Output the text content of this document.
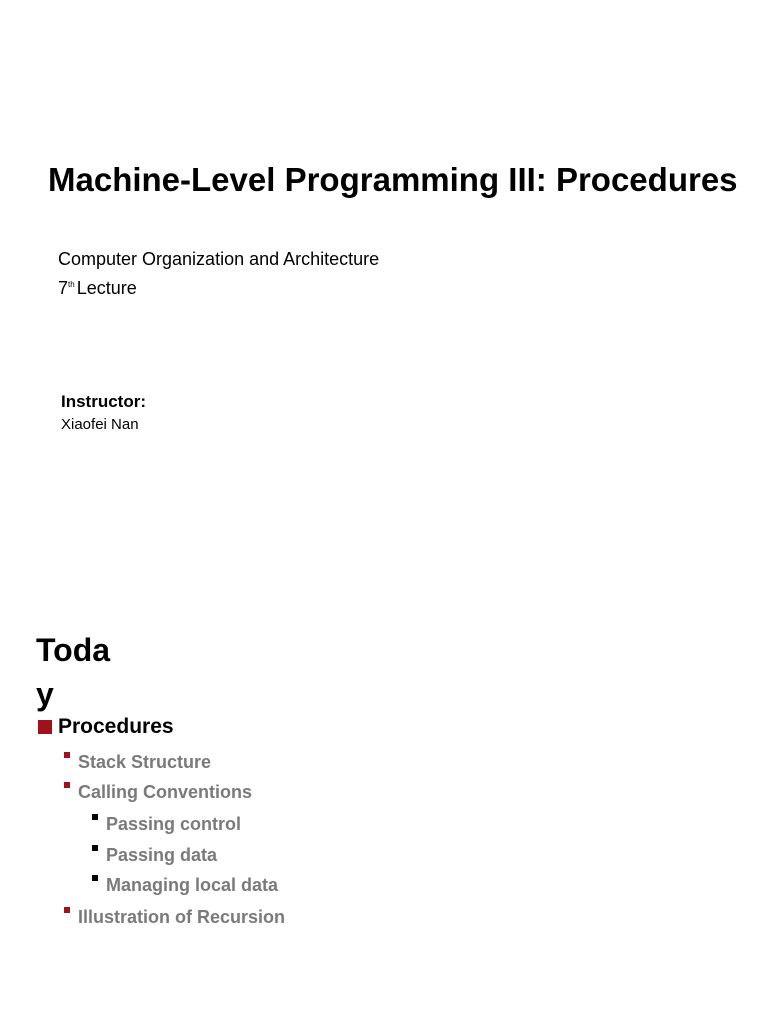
Machine-Level Programming III: Procedures
Computer Organization and Architecture
7th Lecture
Instructor:
Xiaofei Nan
Today
Procedures
Stack Structure
Calling Conventions
Passing control
Passing data
Managing local data
Illustration of Recursion
